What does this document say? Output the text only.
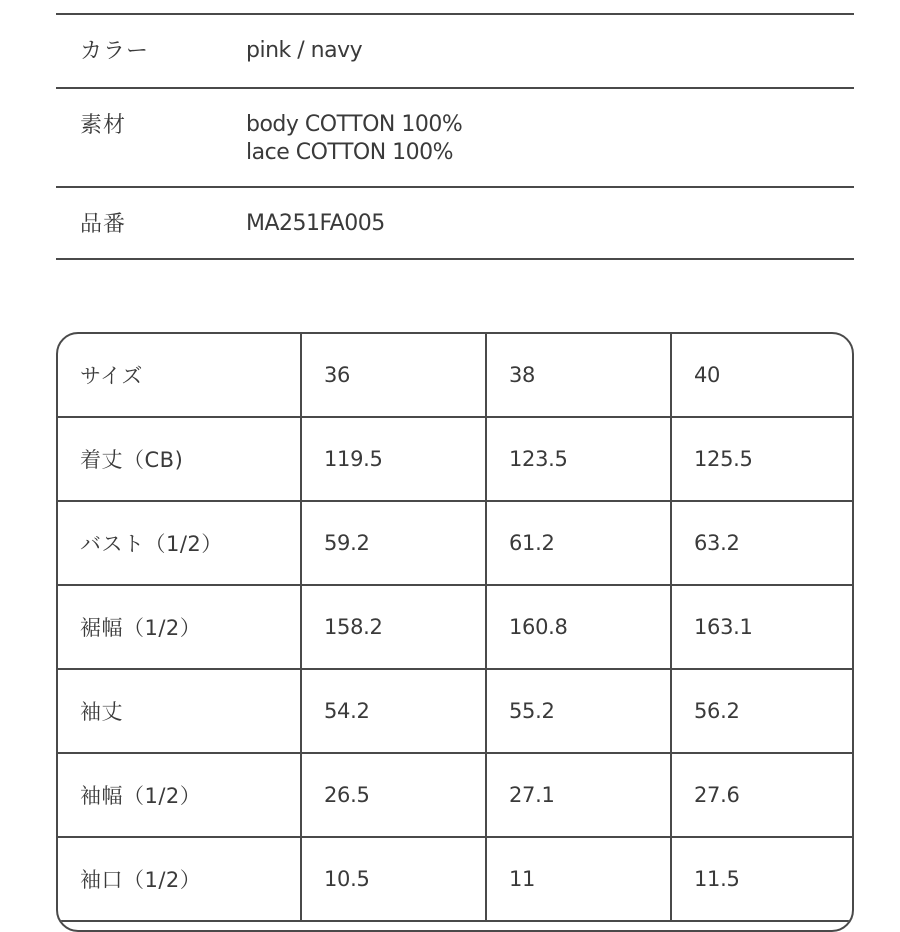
カラー	pink / navy
素材	body COTTON 100%
lace COTTON 100%
品番	MA251FA005
サイズ	36	38	40
着丈（CB)	119.5	123.5	125.5
バスト（1/2）	59.2	61.2	63.2
裾幅（1/2）	158.2	160.8	163.1
袖丈	54.2	55.2	56.2
袖幅（1/2）	26.5	27.1	27.6
袖口（1/2）	10.5	11	11.5
